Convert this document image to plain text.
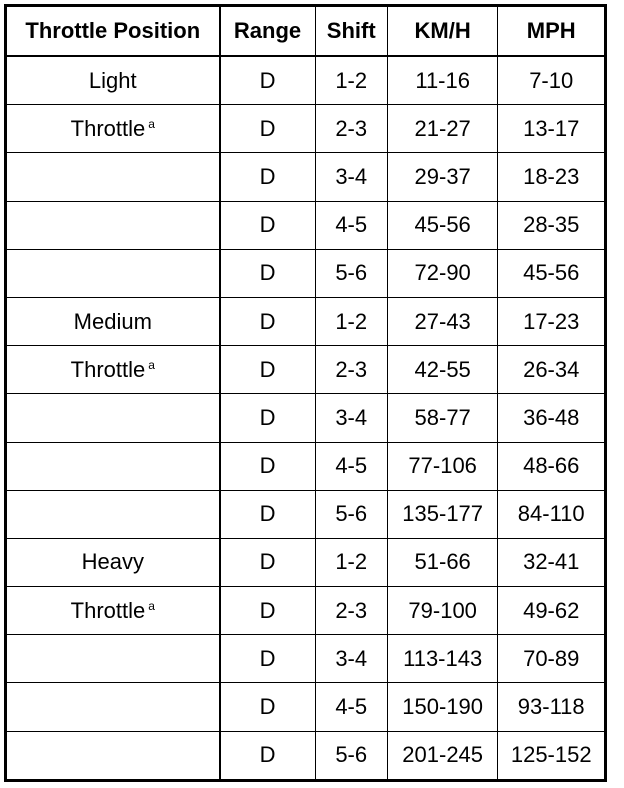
Throttle Position	Range	Shift	KM/H	MPH
Light	D	1-2	11-16	7-10
Throttle $^a$	D	2-3	21-27	13-17
	D	3-4	29-37	18-23
	D	4-5	45-56	28-35
	D	5-6	72-90	45-56
Medium	D	1-2	27-43	17-23
Throttle $^a$	D	2-3	42-55	26-34
	D	3-4	58-77	36-48
	D	4-5	77-106	48-66
	D	5-6	135-177	84-110
Heavy	D	1-2	51-66	32-41
Throttle $^a$	D	2-3	79-100	49-62
	D	3-4	113-143	70-89
	D	4-5	150-190	93-118
	D	5-6	201-245	125-152
